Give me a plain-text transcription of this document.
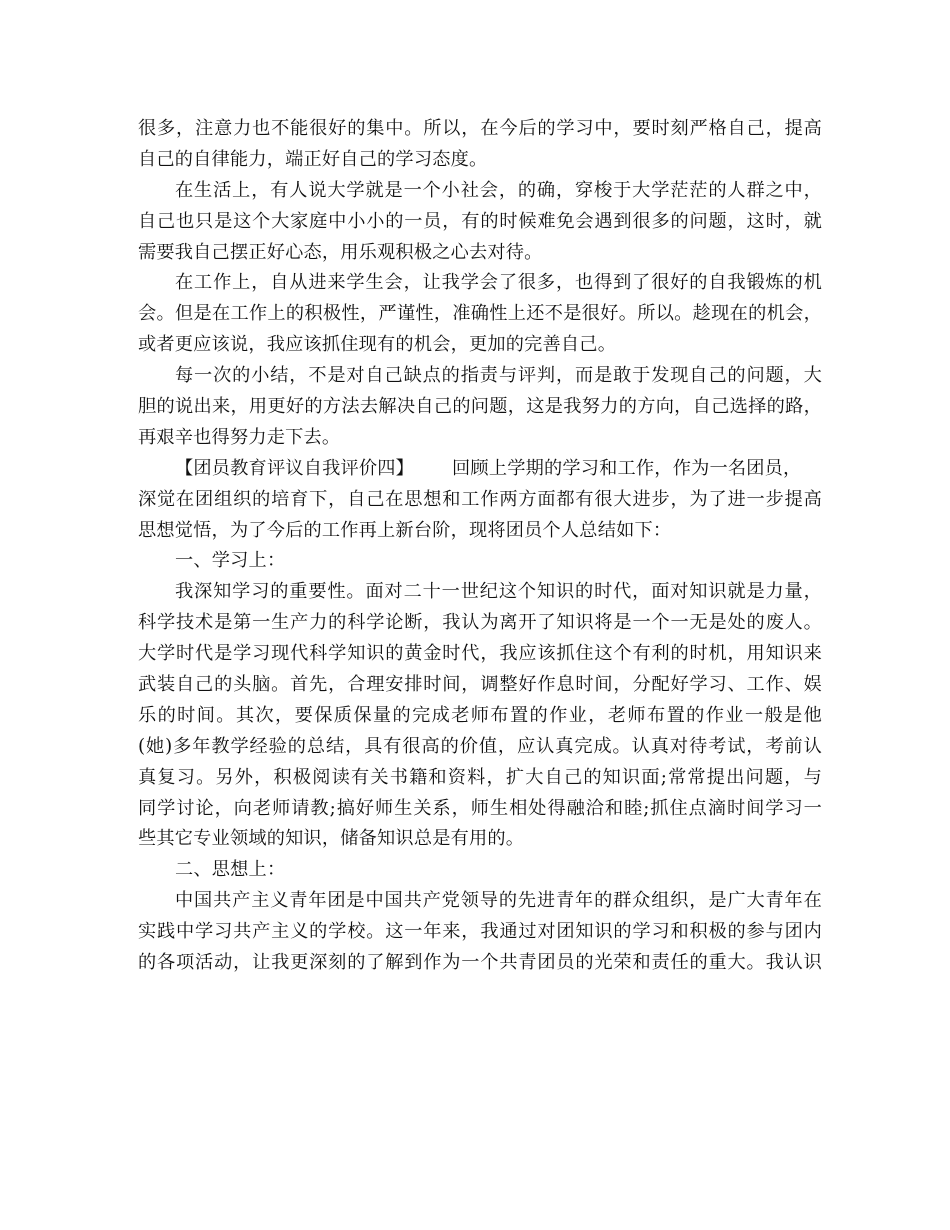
很多，注意力也不能很好的集中。所以，在今后的学习中，要时刻严格自己，提高
自己的自律能力，端正好自己的学习态度。
在生活上，有人说大学就是一个小社会，的确，穿梭于大学茫茫的人群之中，
自己也只是这个大家庭中小小的一员，有的时候难免会遇到很多的问题，这时，就
需要我自己摆正好心态，用乐观积极之心去对待。
在工作上，自从进来学生会，让我学会了很多，也得到了很好的自我锻炼的机
会。但是在工作上的积极性，严谨性，准确性上还不是很好。所以。趁现在的机会，
或者更应该说，我应该抓住现有的机会，更加的完善自己。
每一次的小结，不是对自己缺点的指责与评判，而是敢于发现自己的问题，大
胆的说出来，用更好的方法去解决自己的问题，这是我努力的方向，自己选择的路，
再艰辛也得努力走下去。
【团员教育评议自我评价四】 回顾上学期的学习和工作，作为一名团员，
深觉在团组织的培育下，自己在思想和工作两方面都有很大进步，为了进一步提高
思想觉悟，为了今后的工作再上新台阶，现将团员个人总结如下：
一、学习上：
我深知学习的重要性。面对二十一世纪这个知识的时代，面对知识就是力量，
科学技术是第一生产力的科学论断，我认为离开了知识将是一个一无是处的废人。
大学时代是学习现代科学知识的黄金时代，我应该抓住这个有利的时机，用知识来
武装自己的头脑。首先，合理安排时间，调整好作息时间，分配好学习、工作、娱
乐的时间。其次，要保质保量的完成老师布置的作业，老师布置的作业一般是他
(她)多年教学经验的总结，具有很高的价值，应认真完成。认真对待考试，考前认
真复习。另外，积极阅读有关书籍和资料，扩大自己的知识面;常常提出问题，与
同学讨论，向老师请教;搞好师生关系，师生相处得融洽和睦;抓住点滴时间学习一
些其它专业领域的知识，储备知识总是有用的。
二、思想上：
中国共产主义青年团是中国共产党领导的先进青年的群众组织，是广大青年在
实践中学习共产主义的学校。这一年来，我通过对团知识的学习和积极的参与团内
的各项活动，让我更深刻的了解到作为一个共青团员的光荣和责任的重大。我认识
